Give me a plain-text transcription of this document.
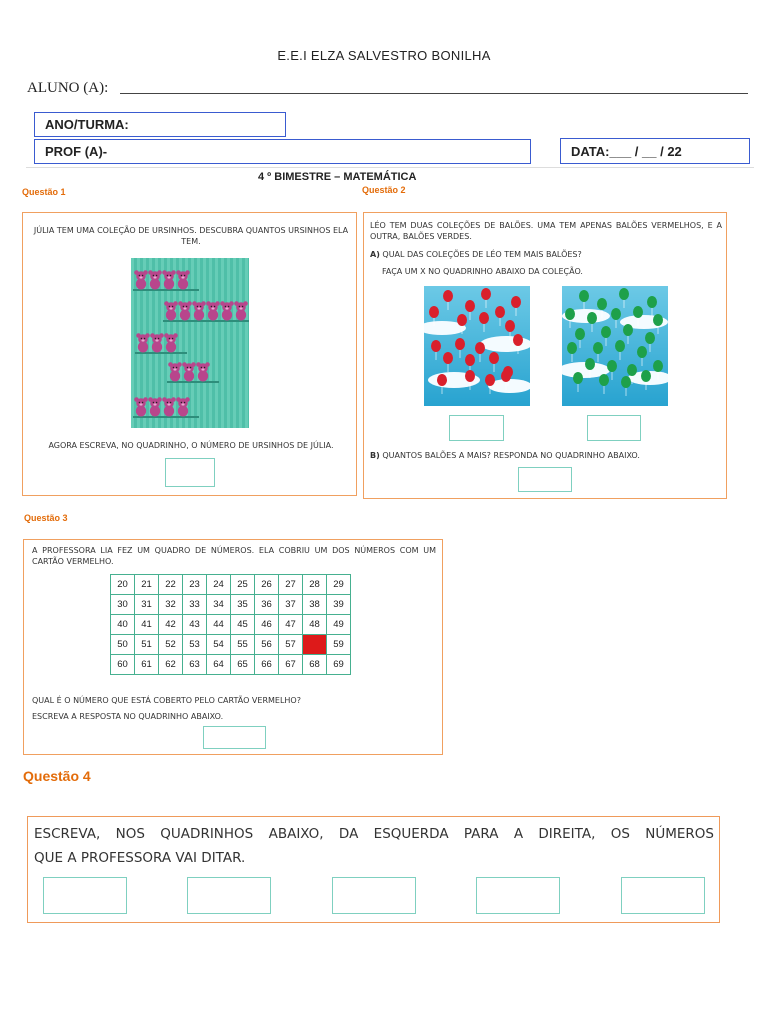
E.E.I ELZA SALVESTRO BONILHA
ALUNO (A):
ANO/TURMA:
PROF (A)-	DATA:___ / __ / 22
4 º BIMESTRE – MATEMÁTICA
Questão 1
JÚLIA TEM UMA COLEÇÃO DE URSINHOS. DESCUBRA QUANTOS URSINHOS ELA TEM.
AGORA ESCREVA, NO QUADRINHO, O NÚMERO DE URSINHOS DE JÚLIA.
Questão 2
LÉO TEM DUAS COLEÇÕES DE BALÕES. UMA TEM APENAS BALÕES VERMELHOS, E A OUTRA, BALÕES VERDES.
A) QUAL DAS COLEÇÕES DE LÉO TEM MAIS BALÕES?
FAÇA UM X NO QUADRINHO ABAIXO DA COLEÇÃO.
B) QUANTOS BALÕES A MAIS? RESPONDA NO QUADRINHO ABAIXO.
Questão 3
A PROFESSORA LIA FEZ UM QUADRO DE NÚMEROS. ELA COBRIU UM DOS NÚMEROS COM UM CARTÃO VERMELHO.
20	21	22	23	24	25	26	27	28	29
30	31	32	33	34	35	36	37	38	39
40	41	42	43	44	45	46	47	48	49
50	51	52	53	54	55	56	57		59
60	61	62	63	64	65	66	67	68	69
QUAL É O NÚMERO QUE ESTÁ COBERTO PELO CARTÃO VERMELHO?
ESCREVA A RESPOSTA NO QUADRINHO ABAIXO.
Questão 4
ESCREVA, NOS QUADRINHOS ABAIXO, DA ESQUERDA PARA A DIREITA, OS NÚMEROS
QUE A PROFESSORA VAI DITAR.
